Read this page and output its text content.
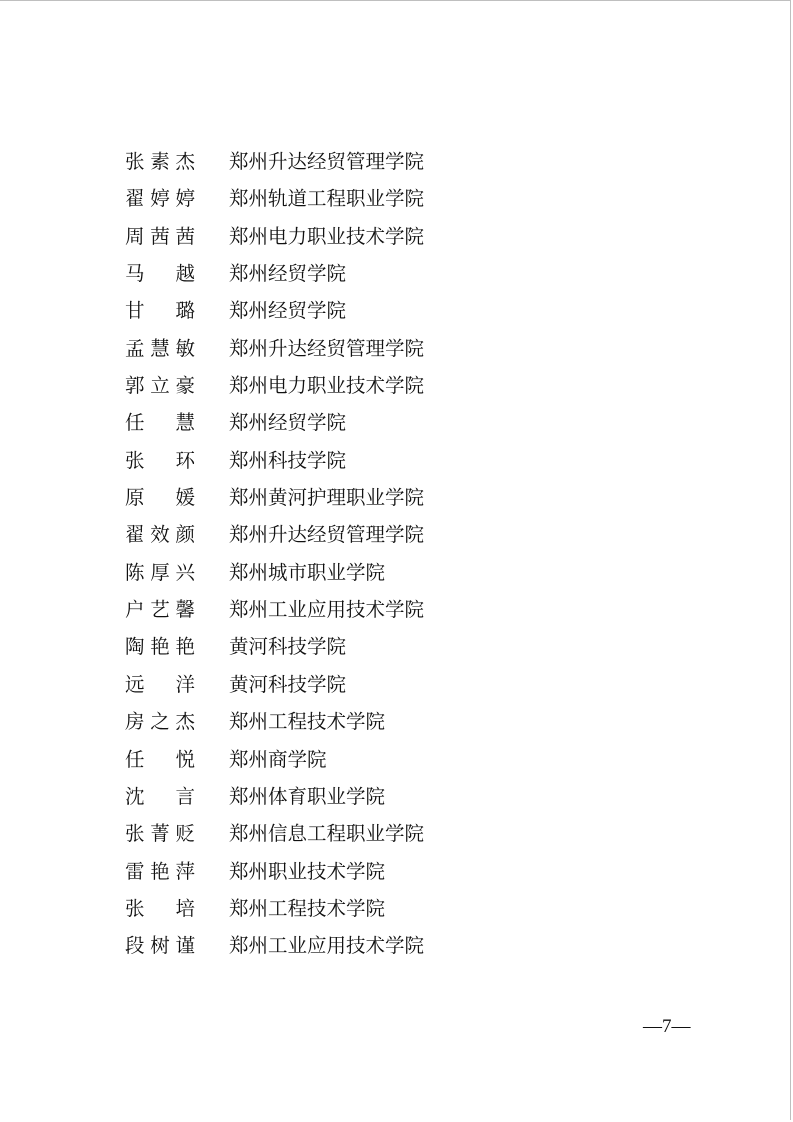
张素杰 郑州升达经贸管理学院
翟婷婷 郑州轨道工程职业学院
周茜茜 郑州电力职业技术学院
马越 郑州经贸学院
甘璐 郑州经贸学院
孟慧敏 郑州升达经贸管理学院
郭立豪 郑州电力职业技术学院
任慧 郑州经贸学院
张环 郑州科技学院
原媛 郑州黄河护理职业学院
翟效颜 郑州升达经贸管理学院
陈厚兴 郑州城市职业学院
户艺馨 郑州工业应用技术学院
陶艳艳 黄河科技学院
远洋 黄河科技学院
房之杰 郑州工程技术学院
任悦 郑州商学院
沈言 郑州体育职业学院
张菁贬 郑州信息工程职业学院
雷艳萍 郑州职业技术学院
张培 郑州工程技术学院
段树谨 郑州工业应用技术学院
—7—
